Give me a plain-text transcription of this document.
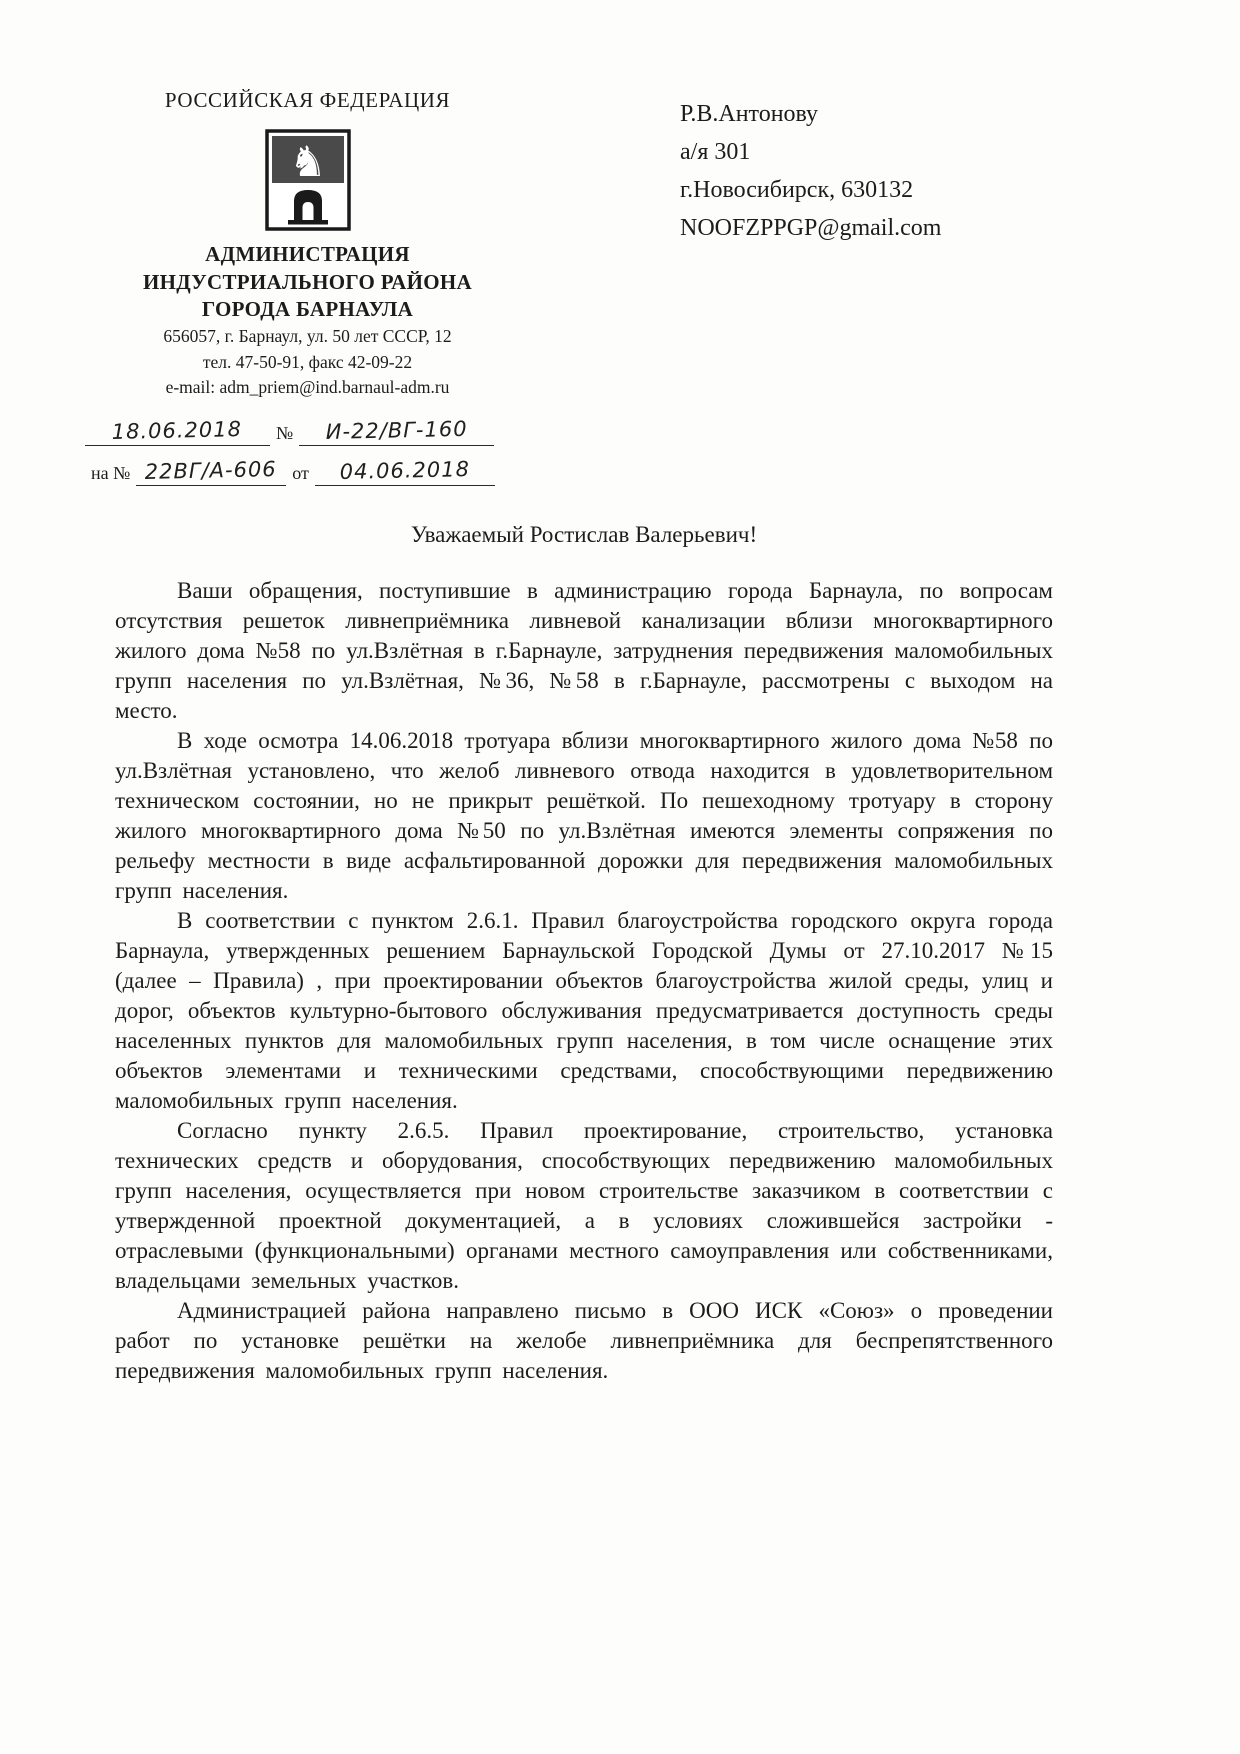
РОССИЙСКАЯ ФЕДЕРАЦИЯ
♞
АДМИНИСТРАЦИЯ
ИНДУСТРИАЛЬНОГО РАЙОНА
ГОРОДА БАРНАУЛА
656057, г. Барнаул, ул. 50 лет СССР, 12
тел. 47-50-91, факс 42-09-22
e-mail: adm_priem@ind.barnaul-adm.ru
18.06.2018	№	И-22/ВГ-160
на № 22ВГ/А-606 от	04.06.2018
Р.В.Антонову
а/я 301
г.Новосибирск, 630132
NOOFZPPGP@gmail.com
Уважаемый Ростислав Валерьевич!

Ваши обращения, поступившие в администрацию города Барнаула, по вопросам отсутствия решеток ливнеприёмника ливневой канализации вблизи многоквартирного жилого дома №58 по ул.Взлётная в г.Барнауле, затруднения передвижения маломобильных групп населения по ул.Взлётная, №36, №58 в г.Барнауле, рассмотрены с выходом на место.

В ходе осмотра 14.06.2018 тротуара вблизи многоквартирного жилого дома №58 по ул.Взлётная установлено, что желоб ливневого отвода находится в удовлетворительном техническом состоянии, но не прикрыт решёткой. По пешеходному тротуару в сторону жилого многоквартирного дома №50 по ул.Взлётная имеются элементы сопряжения по рельефу местности в виде асфальтированной дорожки для передвижения маломобильных групп населения.

В соответствии с пунктом 2.6.1. Правил благоустройства городского округа города Барнаула, утвержденных решением Барнаульской Городской Думы от 27.10.2017 №15 (далее – Правила) , при проектировании объектов благоустройства жилой среды, улиц и дорог, объектов культурно-бытового обслуживания предусматривается доступность среды населенных пунктов для маломобильных групп населения, в том числе оснащение этих объектов элементами и техническими средствами, способствующими передвижению маломобильных групп населения.

Согласно пункту 2.6.5. Правил проектирование, строительство, установка технических средств и оборудования, способствующих передвижению маломобильных групп населения, осуществляется при новом строительстве заказчиком в соответствии с утвержденной проектной документацией, а в условиях сложившейся застройки - отраслевыми (функциональными) органами местного самоуправления или собственниками, владельцами земельных участков.

Администрацией района направлено письмо в ООО ИСК «Союз» о проведении работ по установке решётки на желобе ливнеприёмника для беспрепятственного передвижения маломобильных групп населения.
